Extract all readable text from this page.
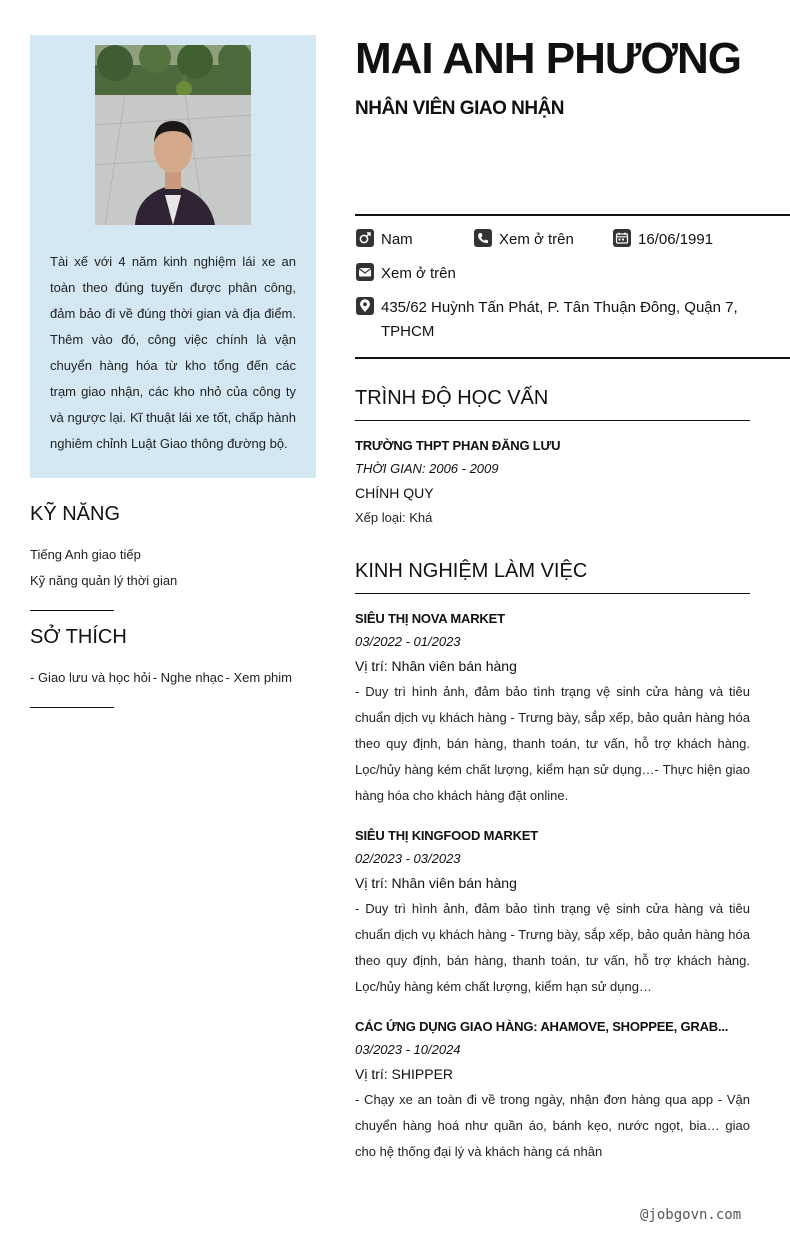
Tài xế với 4 năm kinh nghiệm lái xe an toàn theo đúng tuyến được phân công, đảm bảo đi về đúng thời gian và địa điểm. Thêm vào đó, công việc chính là vận chuyển hàng hóa từ kho tổng đến các trạm giao nhận, các kho nhỏ của công ty và ngược lại. Kĩ thuật lái xe tốt, chấp hành nghiêm chỉnh Luật Giao thông đường bộ.
KỸ NĂNG
Tiếng Anh giao tiếp
Kỹ năng quản lý thời gian
SỞ THÍCH
- Giao lưu và học hỏi - Nghe nhạc - Xem phim
MAI ANH PHƯƠNG
NHÂN VIÊN GIAO NHẬN
Nam	Xem ở trên	16/06/1991
Xem ở trên
435/62 Huỳnh Tấn Phát, P. Tân Thuận Đông, Quận 7, TPHCM
TRÌNH ĐỘ HỌC VẤN
TRƯỜNG THPT PHAN ĐĂNG LƯU
THỜI GIAN: 2006 - 2009
CHÍNH QUY
Xếp loại: Khá
KINH NGHIỆM LÀM VIỆC
SIÊU THỊ NOVA MARKET
03/2022 - 01/2023
Vị trí: Nhân viên bán hàng
- Duy trì hình ảnh, đảm bảo tình trạng vệ sinh cửa hàng và tiêu chuẩn dịch vụ khách hàng - Trưng bày, sắp xếp, bảo quản hàng hóa theo quy định, bán hàng, thanh toán, tư vấn, hỗ trợ khách hàng. Lọc/hủy hàng kém chất lượng, kiểm hạn sử dụng…- Thực hiện giao hàng hóa cho khách hàng đặt online.
SIÊU THỊ KINGFOOD MARKET
02/2023 - 03/2023
Vị trí: Nhân viên bán hàng
- Duy trì hình ảnh, đảm bảo tình trạng vệ sinh cửa hàng và tiêu chuẩn dịch vụ khách hàng - Trưng bày, sắp xếp, bảo quản hàng hóa theo quy định, bán hàng, thanh toán, tư vấn, hỗ trợ khách hàng. Lọc/hủy hàng kém chất lượng, kiểm hạn sử dụng…
CÁC ỨNG DỤNG GIAO HÀNG: AHAMOVE, SHOPPEE, GRAB...
03/2023 - 10/2024
Vị trí: SHIPPER
- Chạy xe an toàn đi về trong ngày, nhận đơn hàng qua app - Vận chuyển hàng hoá như quần áo, bánh kẹo, nước ngọt, bia… giao cho hệ thống đại lý và khách hàng cá nhân
@jobgovn.com
